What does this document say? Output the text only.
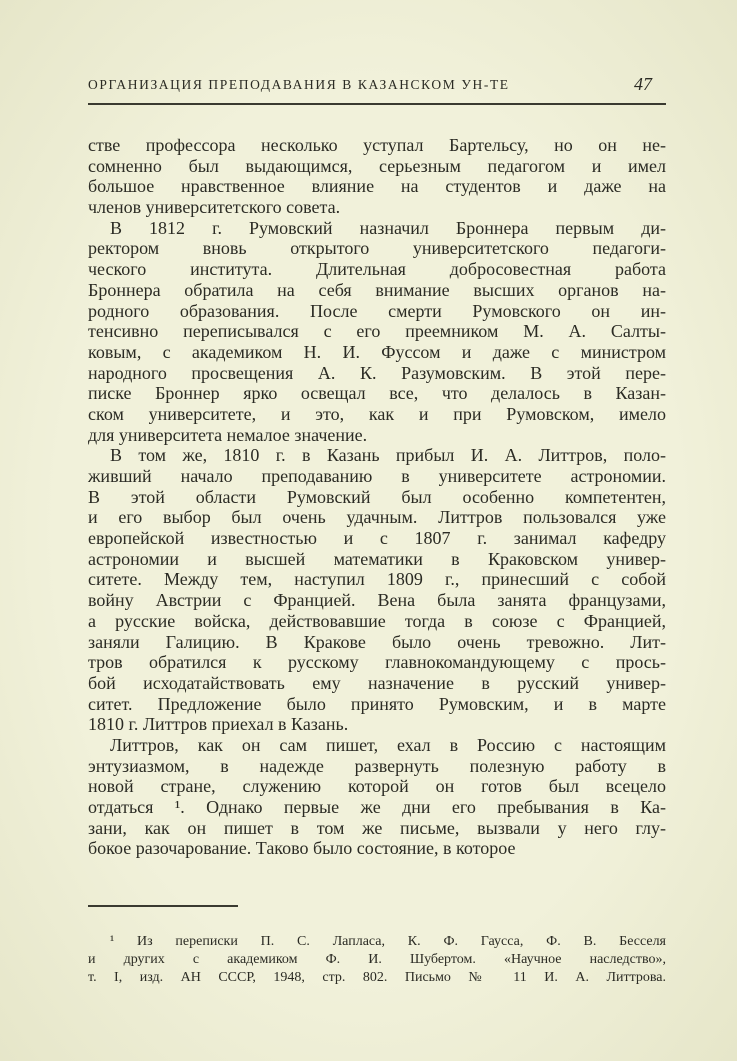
ОРГАНИЗАЦИЯ ПРЕПОДАВАНИЯ В КАЗАНСКОМ УН-ТЕ	47
стве профессора несколько уступал Бартельсу, но он не-
сомненно был выдающимся, серьезным педагогом и имел
большое нравственное влияние на студентов и даже на
членов университетского совета.
В 1812 г. Румовский назначил Броннера первым ди-
ректором вновь открытого университетского педагоги-
ческого института. Длительная добросовестная работа
Броннера обратила на себя внимание высших органов на-
родного образования. После смерти Румовского он ин-
тенсивно переписывался с его преемником М. А. Салты-
ковым, с академиком Н. И. Фуссом и даже с министром
народного просвещения А. К. Разумовским. В этой пере-
писке Броннер ярко освещал все, что делалось в Казан-
ском университете, и это, как и при Румовском, имело
для университета немалое значение.
В том же, 1810 г. в Казань прибыл И. А. Литтров, поло-
живший начало преподаванию в университете астрономии.
В этой области Румовский был особенно компетентен,
и его выбор был очень удачным. Литтров пользовался уже
европейской известностью и с 1807 г. занимал кафедру
астрономии и высшей математики в Краковском универ-
ситете. Между тем, наступил 1809 г., принесший с собой
войну Австрии с Францией. Вена была занята французами,
а русские войска, действовавшие тогда в союзе с Францией,
заняли Галицию. В Кракове было очень тревожно. Лит-
тров обратился к русскому главнокомандующему с прось-
бой исходатайствовать ему назначение в русский универ-
ситет. Предложение было принято Румовским, и в марте
1810 г. Литтров приехал в Казань.
Литтров, как он сам пишет, ехал в Россию с настоящим
энтузиазмом, в надежде развернуть полезную работу в
новой стране, служению которой он готов был всецело
отдаться ¹. Однако первые же дни его пребывания в Ка-
зани, как он пишет в том же письме, вызвали у него глу-
бокое разочарование. Таково было состояние, в которое
¹ Из переписки П. С. Лапласа, К. Ф. Гаусса, Ф. В. Бесселя
и других с академиком Ф. И. Шубертом. «Научное наследство»,
т. I, изд. АН СССР, 1948, стр. 802. Письмо № 11 И. А. Литтрова.
